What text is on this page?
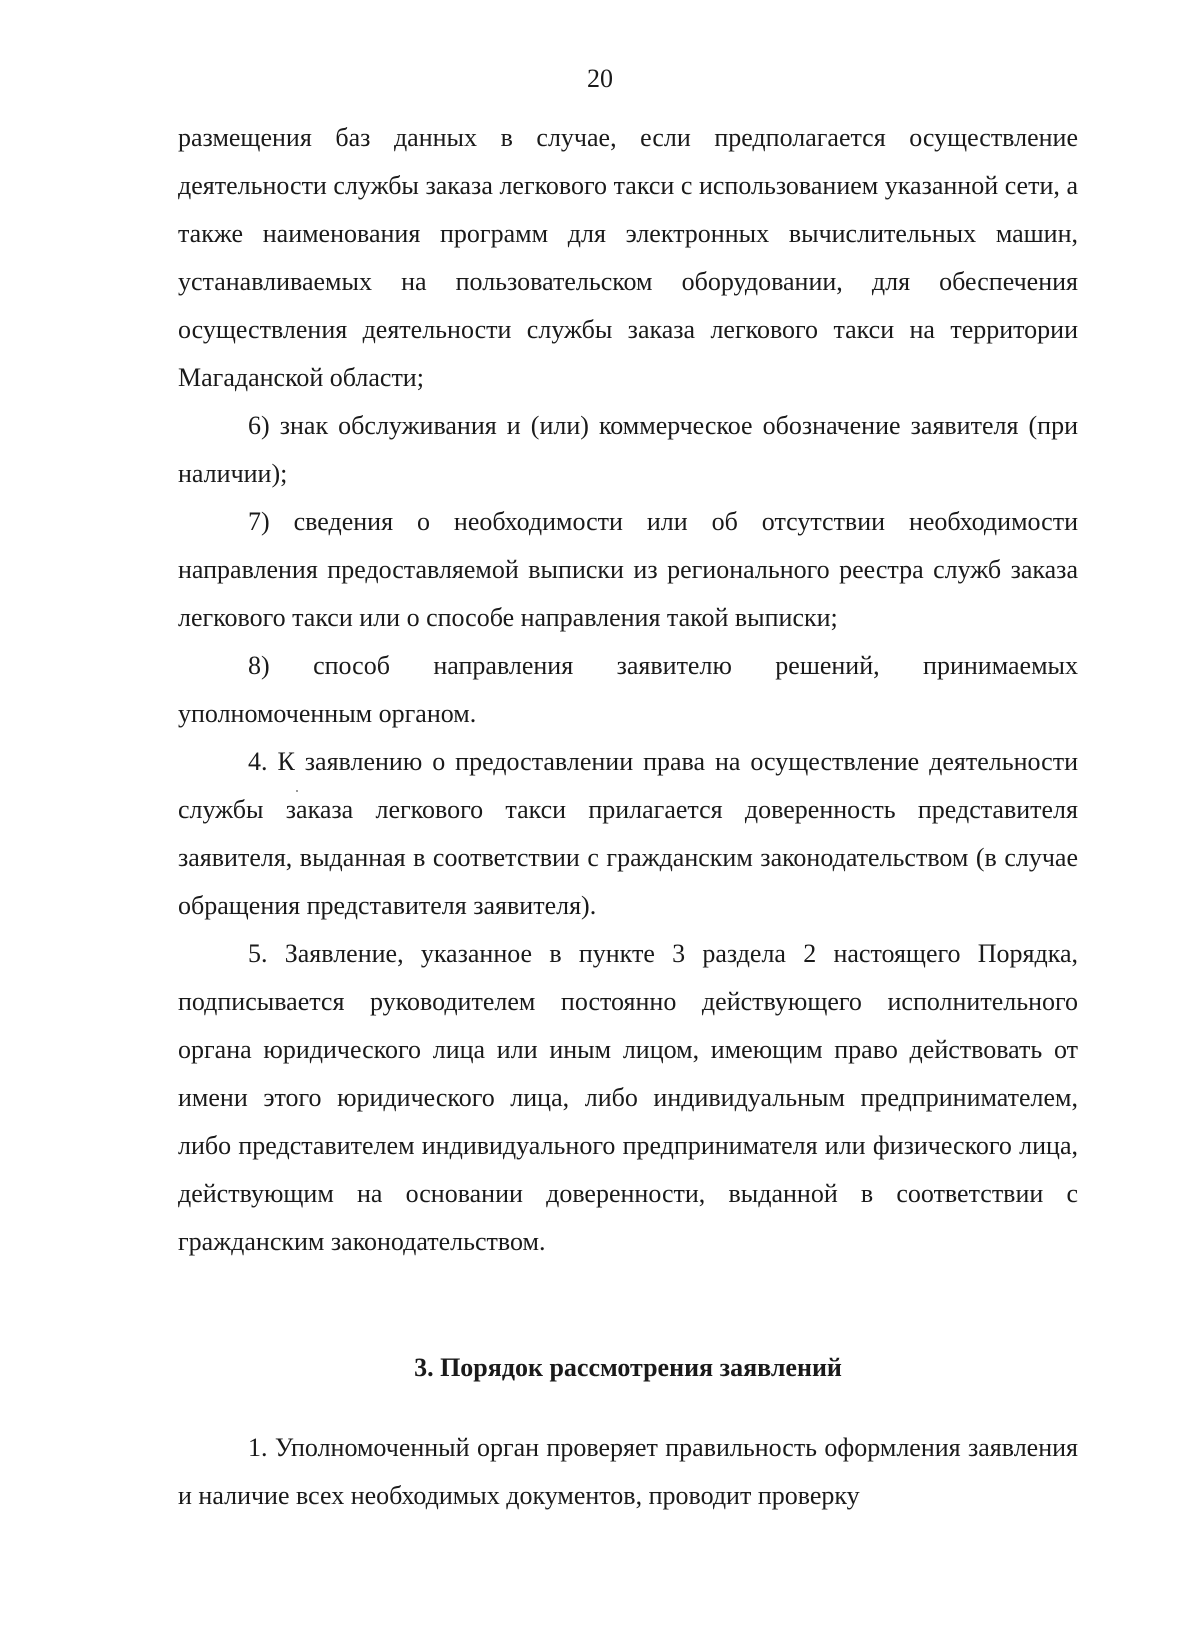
20

размещения баз данных в случае, если предполагается осуществление деятельности службы заказа легкового такси с использованием указанной сети, а также наименования программ для электронных вычислительных машин, устанавливаемых на пользовательском оборудовании, для обеспечения осуществления деятельности службы заказа легкового такси на территории Магаданской области;

6) знак обслуживания и (или) коммерческое обозначение заявителя (при наличии);

7) сведения о необходимости или об отсутствии необходимости направления предоставляемой выписки из регионального реестра служб заказа легкового такси или о способе направления такой выписки;

8) способ направления заявителю решений, принимаемых уполномоченным органом.

4. К заявлению о предоставлении права на осуществление деятельности службы заказа легкового такси прилагается доверенность представителя заявителя, выданная в соответствии с гражданским законодательством (в случае обращения представителя заявителя).

5. Заявление, указанное в пункте 3 раздела 2 настоящего Порядка, подписывается руководителем постоянно действующего исполнительного органа юридического лица или иным лицом, имеющим право действовать от имени этого юридического лица, либо индивидуальным предпринимателем, либо представителем индивидуального предпринимателя или физического лица, действующим на основании доверенности, выданной в соответствии с гражданским законодательством.

3. Порядок рассмотрения заявлений

1. Уполномоченный орган проверяет правильность оформления заявления и наличие всех необходимых документов, проводит проверку
